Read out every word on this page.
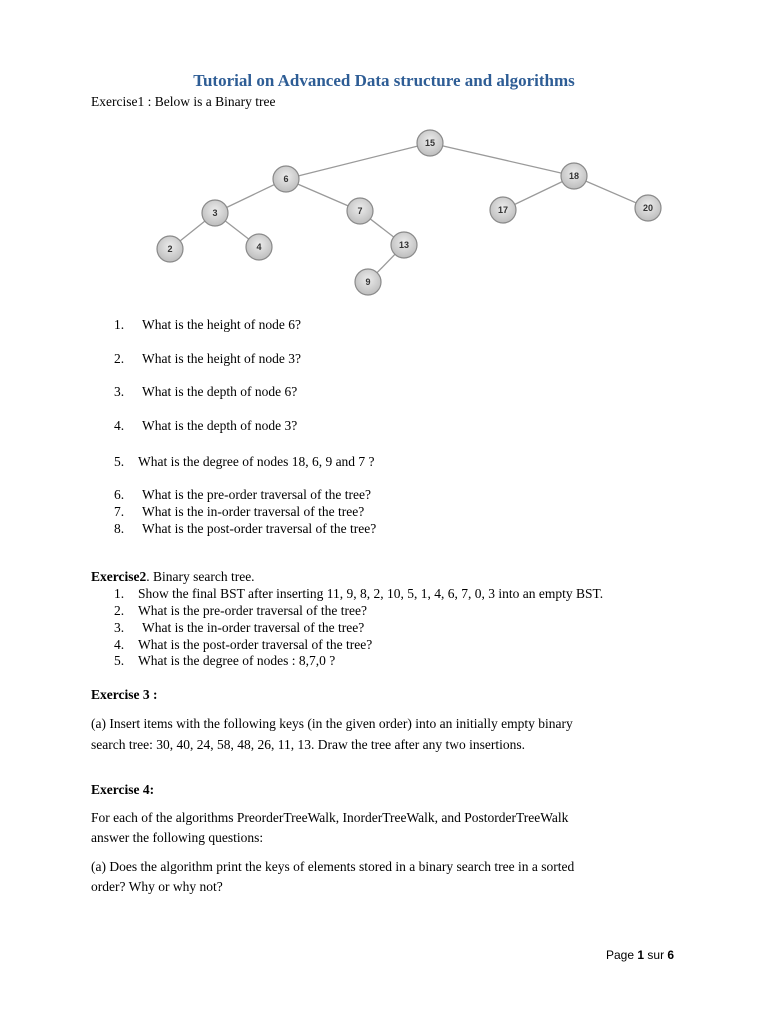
Tutorial on Advanced Data structure and algorithms
Exercise1 : Below is a Binary tree
15
6	18
3	7	17	20
2	4	13
9
1. What is the height of node 6?
2. What is the height of node 3?
3. What is the depth of node 6?
4. What is the depth of node 3?
5. What is the degree of nodes 18, 6, 9 and 7 ?
6. What is the pre-order traversal of the tree?
7. What is the in-order traversal of the tree?
8. What is the post-order traversal of the tree?
Exercise2. Binary search tree.
1. Show the final BST after inserting 11, 9, 8, 2, 10, 5, 1, 4, 6, 7, 0, 3 into an empty BST.
2. What is the pre-order traversal of the tree?
3. What is the in-order traversal of the tree?
4. What is the post-order traversal of the tree?
5. What is the degree of nodes : 8,7,0 ?
Exercise 3 :
(a) Insert items with the following keys (in the given order) into an initially empty binary
search tree: 30, 40, 24, 58, 48, 26, 11, 13. Draw the tree after any two insertions.
Exercise 4:
For each of the algorithms PreorderTreeWalk, InorderTreeWalk, and PostorderTreeWalk
answer the following questions:
(a) Does the algorithm print the keys of elements stored in a binary search tree in a sorted
order? Why or why not?
Page 1 sur 6
